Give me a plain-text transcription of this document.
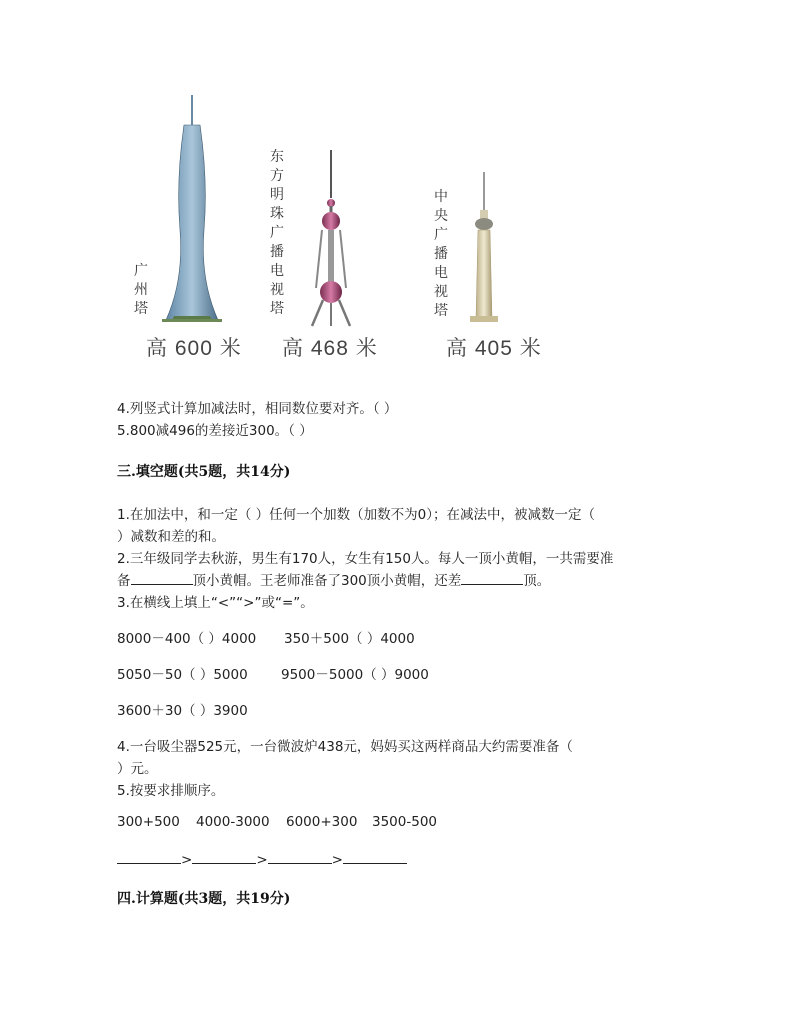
广州塔
东方明珠广播电视塔
中央广播电视塔
高 600 米 高 468 米	高 405 米
4.列竖式计算加减法时，相同数位要对齐。（ ）
5.800减496的差接近300。（ ）
三.填空题(共5题，共14分)
1.在加法中，和一定（ ）任何一个加数（加数不为0）；在减法中，被减数一定（
）减数和差的和。
2.三年级同学去秋游，男生有170人，女生有150人。每人一顶小黄帽，一共需要准
备	顶小黄帽。王老师准备了300顶小黄帽，还差	顶。
3.在横线上填上“<”“>”或“=”。
8000－400（ ）4000 350＋500（ ）4000
5050－50（ ）5000 9500－5000（ ）9000
3600＋30（ ）3900
4.一台吸尘器525元，一台微波炉438元，妈妈买这两样商品大约需要准备（
）元。
5.按要求排顺序。
300+500 4000-3000 6000+300 3500-500
>	>	>
四.计算题(共3题，共19分)
